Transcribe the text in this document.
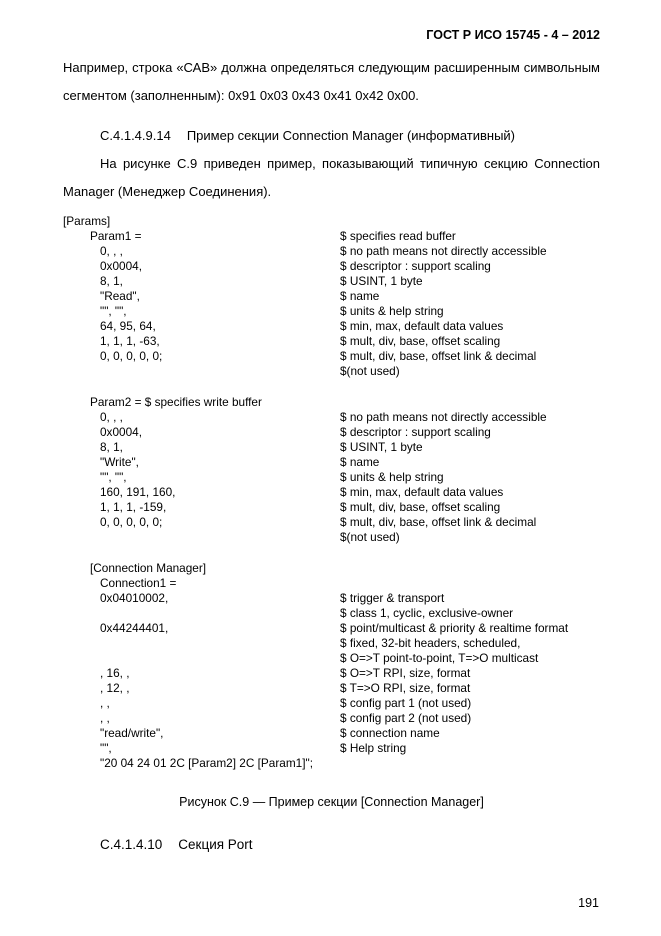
ГОСТ Р ИСО 15745 - 4 – 2012

Например, строка «САВ» должна определяться следующим расширенным символьным сегментом (заполненным): 0x91 0x03 0x43 0x41 0x42 0x00.

С.4.1.4.9.14 Пример секции Connection Manager (информативный)

На рисунке С.9 приведен пример, показывающий типичную секцию Connection Manager (Менеджер Соединения).

[Params]
Param1 =	$ specifies read buffer
0, , ,	$ no path means not directly accessible
0x0004,	$ descriptor : support scaling
8, 1,	$ USINT, 1 byte
"Read",	$ name
"", "",	$ units & help string
64, 95, 64,	$ min, max, default data values
1, 1, 1, -63,	$ mult, div, base, offset scaling
0, 0, 0, 0, 0;	$ mult, div, base, offset link & decimal
$(not used)
Param2 = $ specifies write buffer
0, , ,	$ no path means not directly accessible
0x0004,	$ descriptor : support scaling
8, 1,	$ USINT, 1 byte
"Write",	$ name
"", "",	$ units & help string
160, 191, 160,	$ min, max, default data values
1, 1, 1, -159,	$ mult, div, base, offset scaling
0, 0, 0, 0, 0;	$ mult, div, base, offset link & decimal
$(not used)
[Connection Manager]
Connection1 =
0x04010002,	$ trigger & transport
$ class 1, cyclic, exclusive-owner
0x44244401,	$ point/multicast & priority & realtime format
$ fixed, 32-bit headers, scheduled,
$ O=>T point-to-point, T=>O multicast
, 16, ,	$ O=>T RPI, size, format
, 12, ,	$ T=>O RPI, size, format
, ,	$ config part 1 (not used)
, ,	$ config part 2 (not used)
"read/write",	$ connection name
"",	$ Help string
"20 04 24 01 2C [Param2] 2C [Param1]";

Рисунок С.9 — Пример секции [Connection Manager]

С.4.1.4.10 Секция Port

191
